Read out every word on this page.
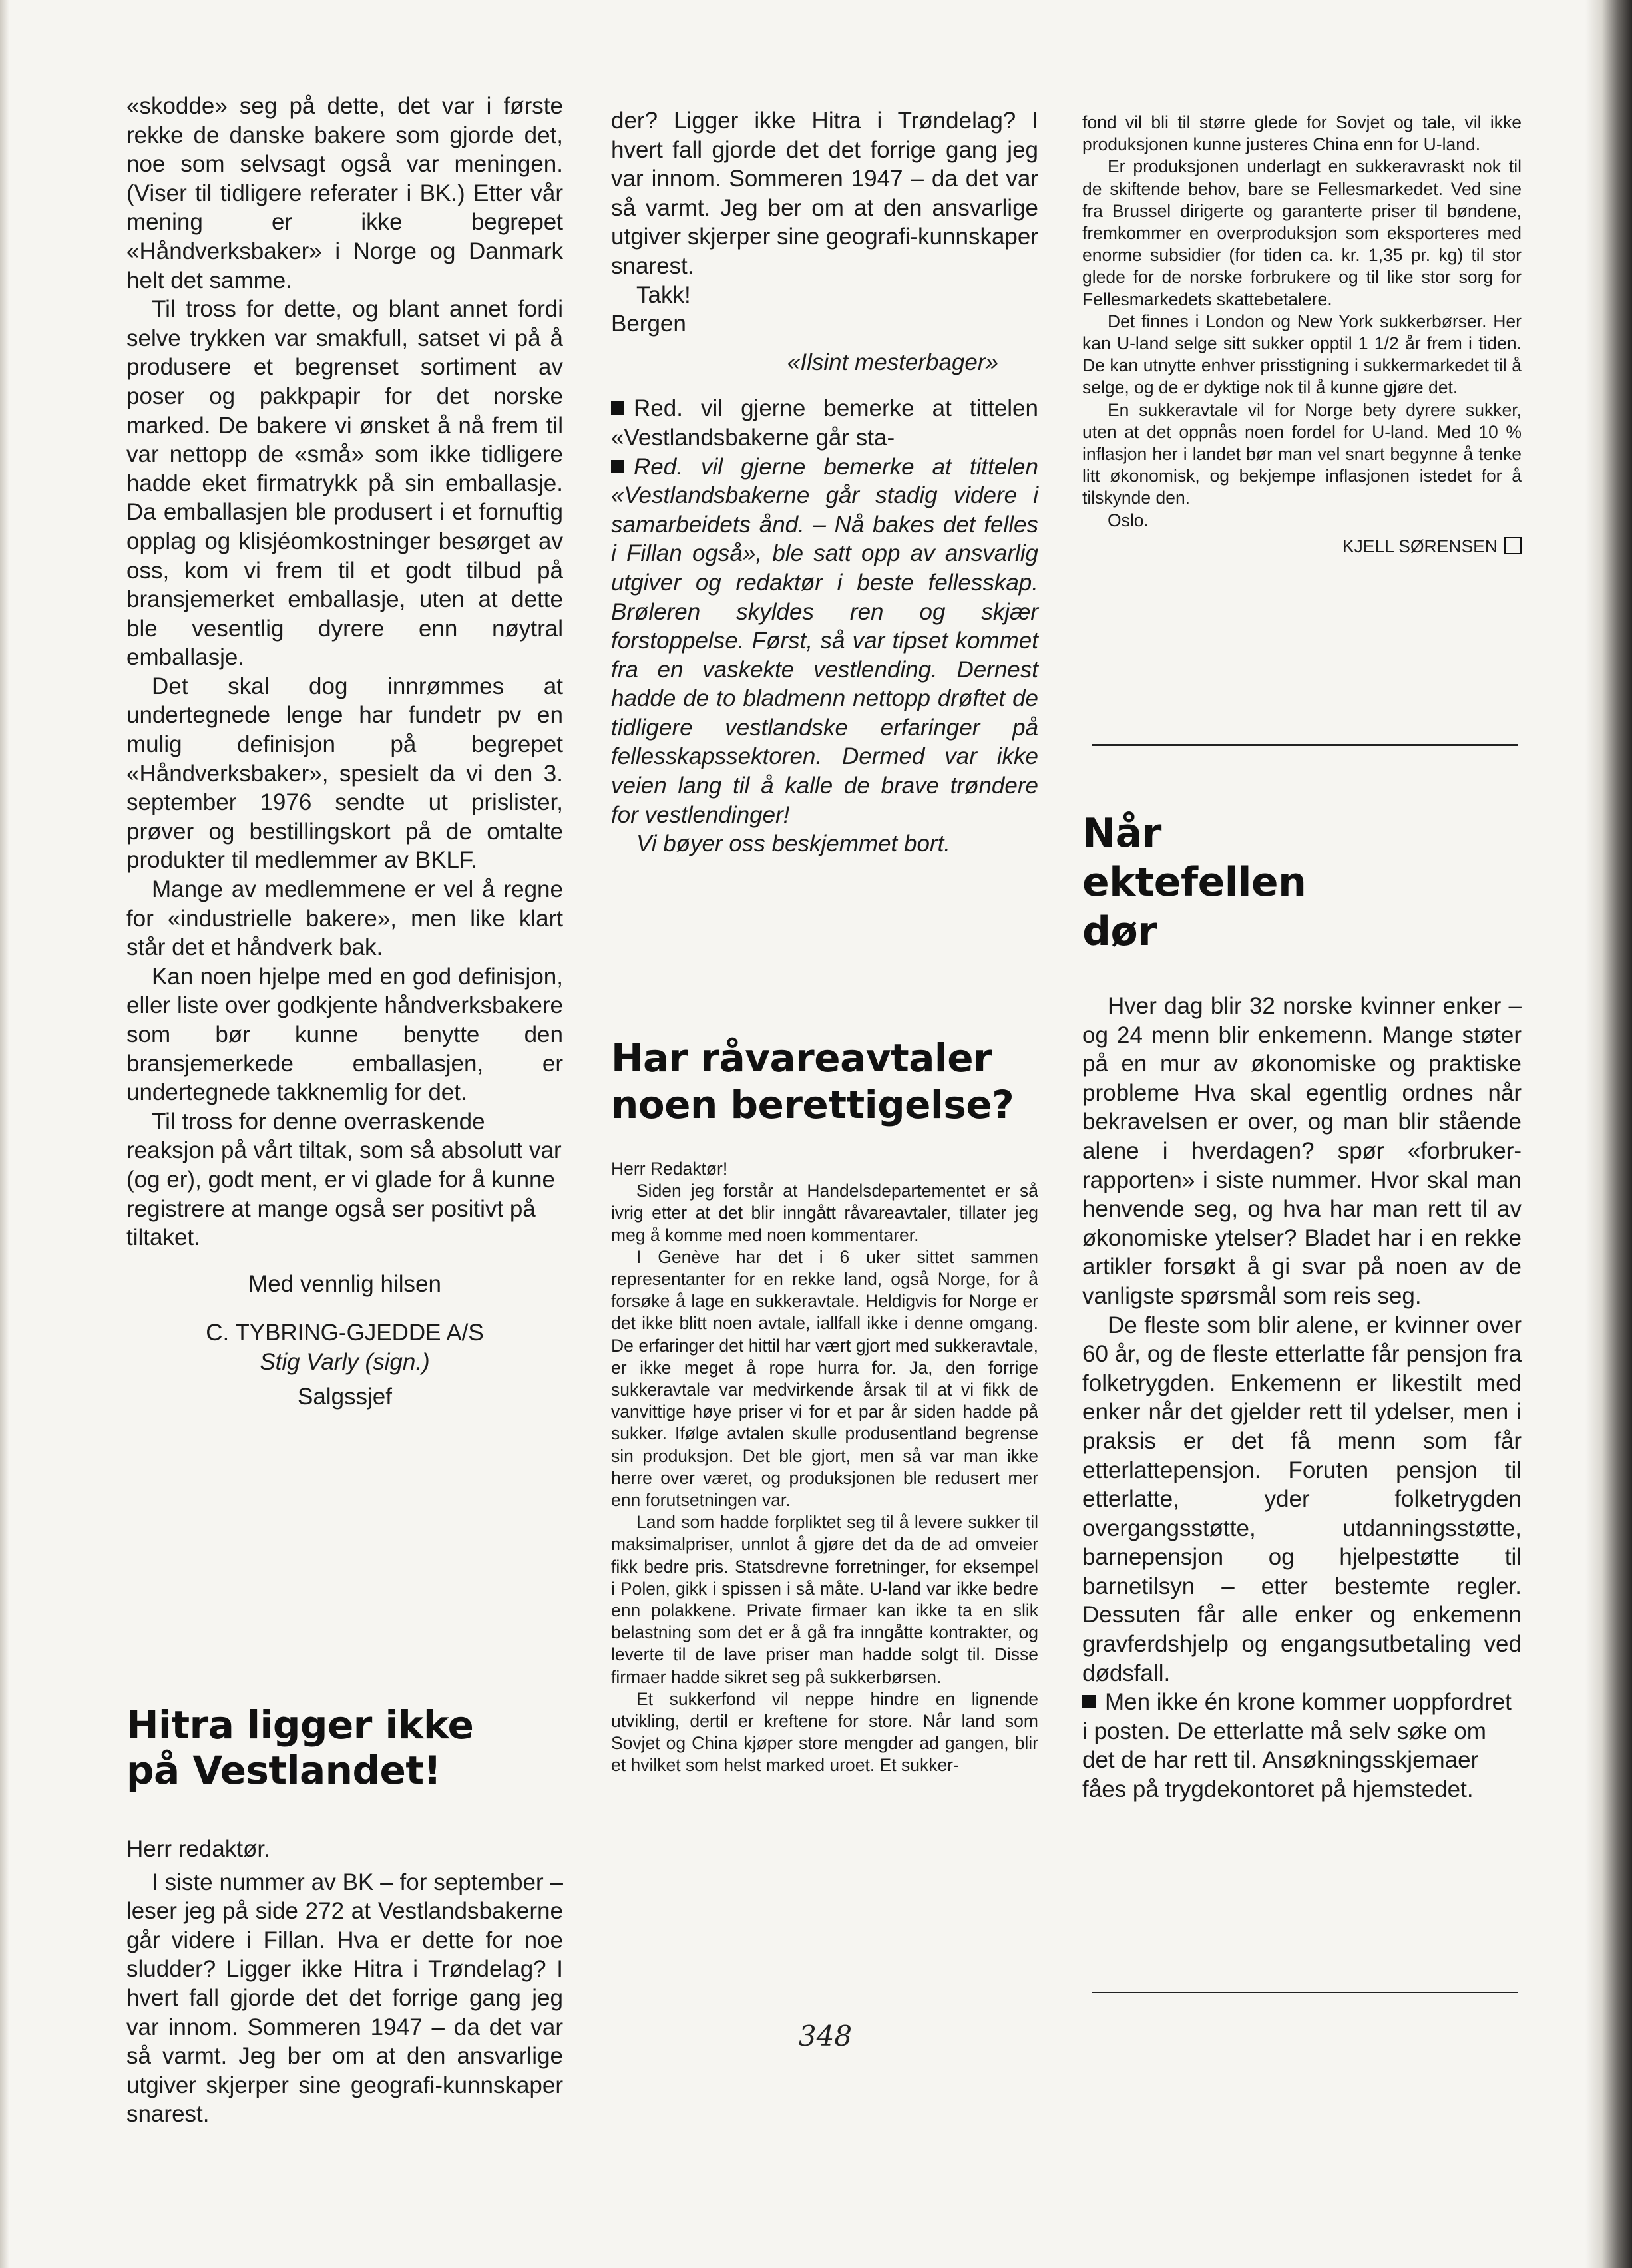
«skodde» seg på dette, det var i første rekke de danske bakere som gjorde det, noe som selvsagt også var meningen. (Viser til tidligere referater i BK.) Etter vår mening er ikke begrepet «Håndverksbaker» i Norge og Danmark helt det samme.

Til tross for dette, og blant annet fordi selve trykken var smakfull, satset vi på å produsere et begrenset sortiment av poser og pakkpapir for det norske marked. De bakere vi ønsket å nå frem til var nettopp de «små» som ikke tidligere hadde eket firmatrykk på sin emballasje. Da emballasjen ble produsert i et fornuftig opplag og klisjéomkostninger besørget av oss, kom vi frem til et godt tilbud på bransjemerket emballasje, uten at dette ble vesentlig dyrere enn nøytral emballasje.

Det skal dog innrømmes at undertegnede lenge har fundetr pv en mulig definisjon på begrepet «Håndverksbaker», spesielt da vi den 3. september 1976 sendte ut prislister, prøver og bestillingskort på de omtalte produkter til medlemmer av BKLF.

Mange av medlemmene er vel å regne for «industrielle bakere», men like klart står det et håndverk bak.

Kan noen hjelpe med en god definisjon, eller liste over godkjente håndverksbakere som bør kunne benytte den bransjemerkede emballasjen, er undertegnede takknemlig for det.

Til tross for denne overraskende reaksjon på vårt tiltak, som så absolutt var (og er), godt ment, er vi glade for å kunne registrere at mange også ser positivt på tiltaket.

Med vennlig hilsen

C. TYBRING-GJEDDE A/S

Stig Varly (sign.)

Salgssjef

Hitra ligger ikke
på Vestlandet!

Herr redaktør.

I siste nummer av BK – for september – leser jeg på side 272 at Vestlandsbakerne går videre i Fillan. Hva er dette for noe sludder? Ligger ikke Hitra i Trøndelag? I hvert fall gjorde det det forrige gang jeg var innom. Sommeren 1947 – da det var så varmt. Jeg ber om at den ansvarlige utgiver skjerper sine geografi-kunnskaper snarest.

der? Ligger ikke Hitra i Trøndelag? I hvert fall gjorde det det forrige gang jeg var innom. Sommeren 1947 – da det var så varmt. Jeg ber om at den ansvarlige utgiver skjerper sine geografi-kunnskaper snarest.

Takk!

Bergen

«Ilsint mesterbager»

Red. vil gjerne bemerke at tittelen «Vestlandsbakerne går sta-

Red. vil gjerne bemerke at tittelen «Vestlandsbakerne går stadig videre i samarbeidets ånd. – Nå bakes det felles i Fillan også», ble satt opp av ansvarlig utgiver og redaktør i beste fellesskap. Brøleren skyldes ren og skjær forstoppelse. Først, så var tipset kommet fra en vaskekte vestlending. Dernest hadde de to bladmenn nettopp drøftet de tidligere vestlandske erfaringer på fellesskapssektoren. Dermed var ikke veien lang til å kalle de brave trøndere for vestlendinger!

Vi bøyer oss beskjemmet bort.

Har råvareavtaler
noen berettigelse?

Herr Redaktør!

Siden jeg forstår at Handelsdepartementet er så ivrig etter at det blir inngått råvareavtaler, tillater jeg meg å komme med noen kommentarer.

I Genève har det i 6 uker sittet sammen representanter for en rekke land, også Norge, for å forsøke å lage en sukkeravtale. Heldigvis for Norge er det ikke blitt noen avtale, iallfall ikke i denne omgang. De erfaringer det hittil har vært gjort med sukkeravtale, er ikke meget å rope hurra for. Ja, den forrige sukkeravtale var medvirkende årsak til at vi fikk de vanvittige høye priser vi for et par år siden hadde på sukker. Ifølge avtalen skulle produsentland begrense sin produksjon. Det ble gjort, men så var man ikke herre over været, og produksjonen ble redusert mer enn forutsetningen var.

Land som hadde forpliktet seg til å levere sukker til maksimalpriser, unnlot å gjøre det da de ad omveier fikk bedre pris. Statsdrevne forretninger, for eksempel i Polen, gikk i spissen i så måte. U-land var ikke bedre enn polakkene. Private firmaer kan ikke ta en slik belastning som det er å gå fra inngåtte kontrakter, og leverte til de lave priser man hadde solgt til. Disse firmaer hadde sikret seg på sukkerbørsen.

Et sukkerfond vil neppe hindre en lignende utvikling, dertil er kreftene for store. Når land som Sovjet og China kjøper store mengder ad gangen, blir et hvilket som helst marked uroet. Et sukker-

fond vil bli til større glede for Sovjet og tale, vil ikke produksjonen kunne justeres China enn for U-land.

Er produksjonen underlagt en sukkeravraskt nok til de skiftende behov, bare se Fellesmarkedet. Ved sine fra Brussel dirigerte og garanterte priser til bøndene, fremkommer en overproduksjon som eksporteres med enorme subsidier (for tiden ca. kr. 1,35 pr. kg) til stor glede for de norske forbrukere og til like stor sorg for Fellesmarkedets skattebetalere.

Det finnes i London og New York sukkerbørser. Her kan U-land selge sitt sukker opptil 1 1/2 år frem i tiden. De kan utnytte enhver prisstigning i sukkermarkedet til å selge, og de er dyktige nok til å kunne gjøre det.

En sukkeravtale vil for Norge bety dyrere sukker, uten at det oppnås noen fordel for U-land. Med 10 % inflasjon her i landet bør man vel snart begynne å tenke litt økonomisk, og bekjempe inflasjonen istedet for å tilskynde den.

Oslo.

KJELL SØRENSEN

Når
ektefellen
dør

Hver dag blir 32 norske kvinner enker – og 24 menn blir enkemenn. Mange støter på en mur av økonomiske og praktiske probleme Hva skal egentlig ordnes når bekravelsen er over, og man blir stående alene i hverdagen? spør «forbruker-rapporten» i siste nummer. Hvor skal man henvende seg, og hva har man rett til av økonomiske ytelser? Bladet har i en rekke artikler forsøkt å gi svar på noen av de vanligste spørsmål som reis seg.

De fleste som blir alene, er kvinner over 60 år, og de fleste etterlatte får pensjon fra folketrygden. Enkemenn er likestilt med enker når det gjelder rett til ydelser, men i praksis er det få menn som får etterlattepensjon. Foruten pensjon til etterlatte, yder folketrygden overgangsstøtte, utdanningsstøtte, barnepensjon og hjelpestøtte til barnetilsyn – etter bestemte regler. Dessuten får alle enker og enkemenn gravferdshjelp og engangsutbetaling ved dødsfall.

Men ikke én krone kommer uoppfordret i posten. De etterlatte må selv søke om det de har rett til. Ansøkningsskjemaer fåes på trygdekontoret på hjemstedet.

348
